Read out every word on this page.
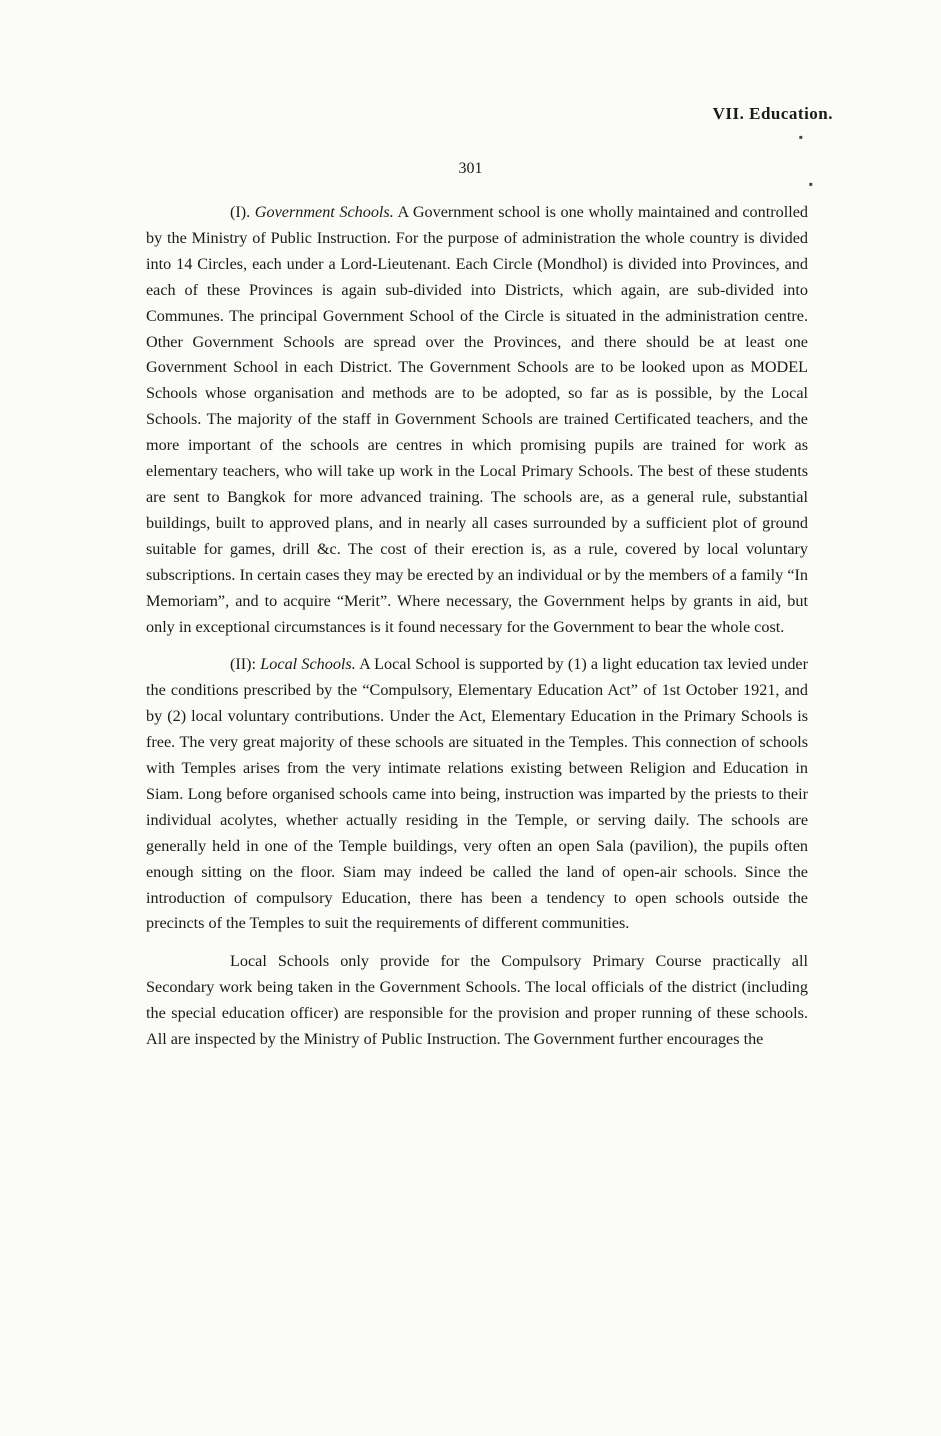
VII. Education.
▪
▪
301

(I). Government Schools. A Government school is one wholly maintained and controlled by the Ministry of Public Instruction. For the purpose of administration the whole country is divided into 14 Circles, each under a Lord-Lieutenant. Each Circle (Mondhol) is divided into Provinces, and each of these Provinces is again sub-divided into Districts, which again, are sub-divided into Communes. The principal Government School of the Circle is situated in the administration centre. Other Government Schools are spread over the Provinces, and there should be at least one Government School in each District. The Government Schools are to be looked upon as MODEL Schools whose organisation and methods are to be adopted, so far as is possible, by the Local Schools. The majority of the staff in Government Schools are trained Certificated teachers, and the more important of the schools are centres in which promising pupils are trained for work as elementary teachers, who will take up work in the Local Primary Schools. The best of these students are sent to Bangkok for more advanced training. The schools are, as a general rule, substantial buildings, built to approved plans, and in nearly all cases surrounded by a sufficient plot of ground suitable for games, drill &c. The cost of their erection is, as a rule, covered by local voluntary subscriptions. In certain cases they may be erected by an individual or by the members of a family “In Memoriam”, and to acquire “Merit”. Where necessary, the Government helps by grants in aid, but only in exceptional circumstances is it found necessary for the Government to bear the whole cost.

(II): Local Schools. A Local School is supported by (1) a light education tax levied under the conditions prescribed by the “Compulsory, Elementary Education Act” of 1st October 1921, and by (2) local voluntary contributions. Under the Act, Elementary Education in the Primary Schools is free. The very great majority of these schools are situated in the Temples. This connection of schools with Temples arises from the very intimate relations existing between Religion and Education in Siam. Long before organised schools came into being, instruction was imparted by the priests to their individual acolytes, whether actually residing in the Temple, or serving daily. The schools are generally held in one of the Temple buildings, very often an open Sala (pavilion), the pupils often enough sitting on the floor. Siam may indeed be called the land of open-air schools. Since the introduction of compulsory Education, there has been a tendency to open schools outside the precincts of the Temples to suit the requirements of different communities.

Local Schools only provide for the Compulsory Primary Course practically all Secondary work being taken in the Government Schools. The local officials of the district (including the special education officer) are responsible for the provision and proper running of these schools. All are inspected by the Ministry of Public Instruction. The Government further encourages the
